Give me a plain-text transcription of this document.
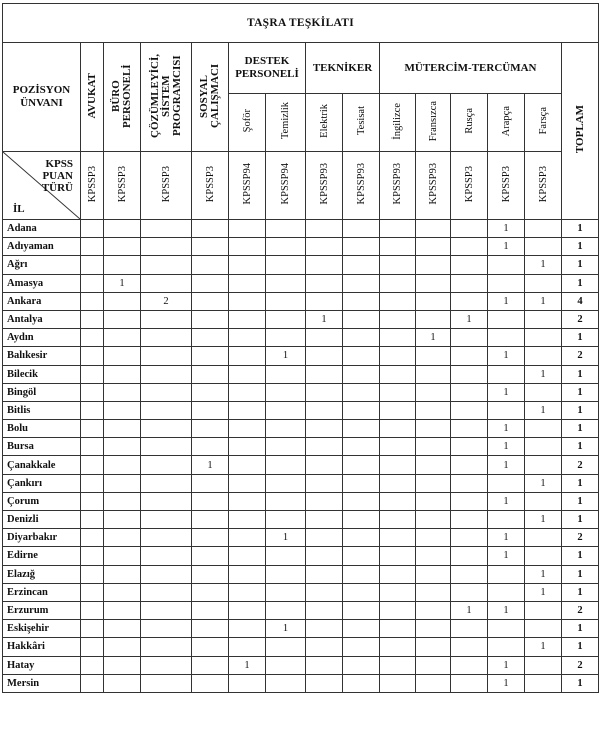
TAŞRA TEŞKİLATI														
POZİSYON ÜNVANI	AVUKAT	BÜRO PERSONELİ	ÇÖZÜMLEYİCİ, SİSTEM PROGRAMCISI	SOSYAL ÇALIŞMACI	DESTEK PERSONELİ		TEKNİKER		MÜTERCİM-TERCÜMAN					TOPLAM
					Şoför	Temizlik	Elektrik	Tesisat	İngilizce	Fransızca	Rusça	Arapça	Farsça	

KPSS PUAN TÜRÜ
İL	KPSSP3	KPSSP3	KPSSP3	KPSSP3	KPSSP94	KPSSP94	KPSSP93	KPSSP93	KPSSP93	KPSSP93	KPSSP3	KPSSP3	KPSSP3	
Adana												1		1
Adıyaman												1		1
Ağrı													1	1
Amasya		1												1
Ankara			2									1	1	4
Antalya							1				1			2
Aydın										1				1
Balıkesir						1						1		2
Bilecik													1	1
Bingöl												1		1
Bitlis													1	1
Bolu												1		1
Bursa												1		1
Çanakkale				1								1		2
Çankırı													1	1
Çorum												1		1
Denizli													1	1
Diyarbakır						1						1		2
Edirne												1		1
Elazığ													1	1
Erzincan													1	1
Erzurum											1	1		2
Eskişehir						1								1
Hakkâri													1	1
Hatay					1							1		2
Mersin												1		1
